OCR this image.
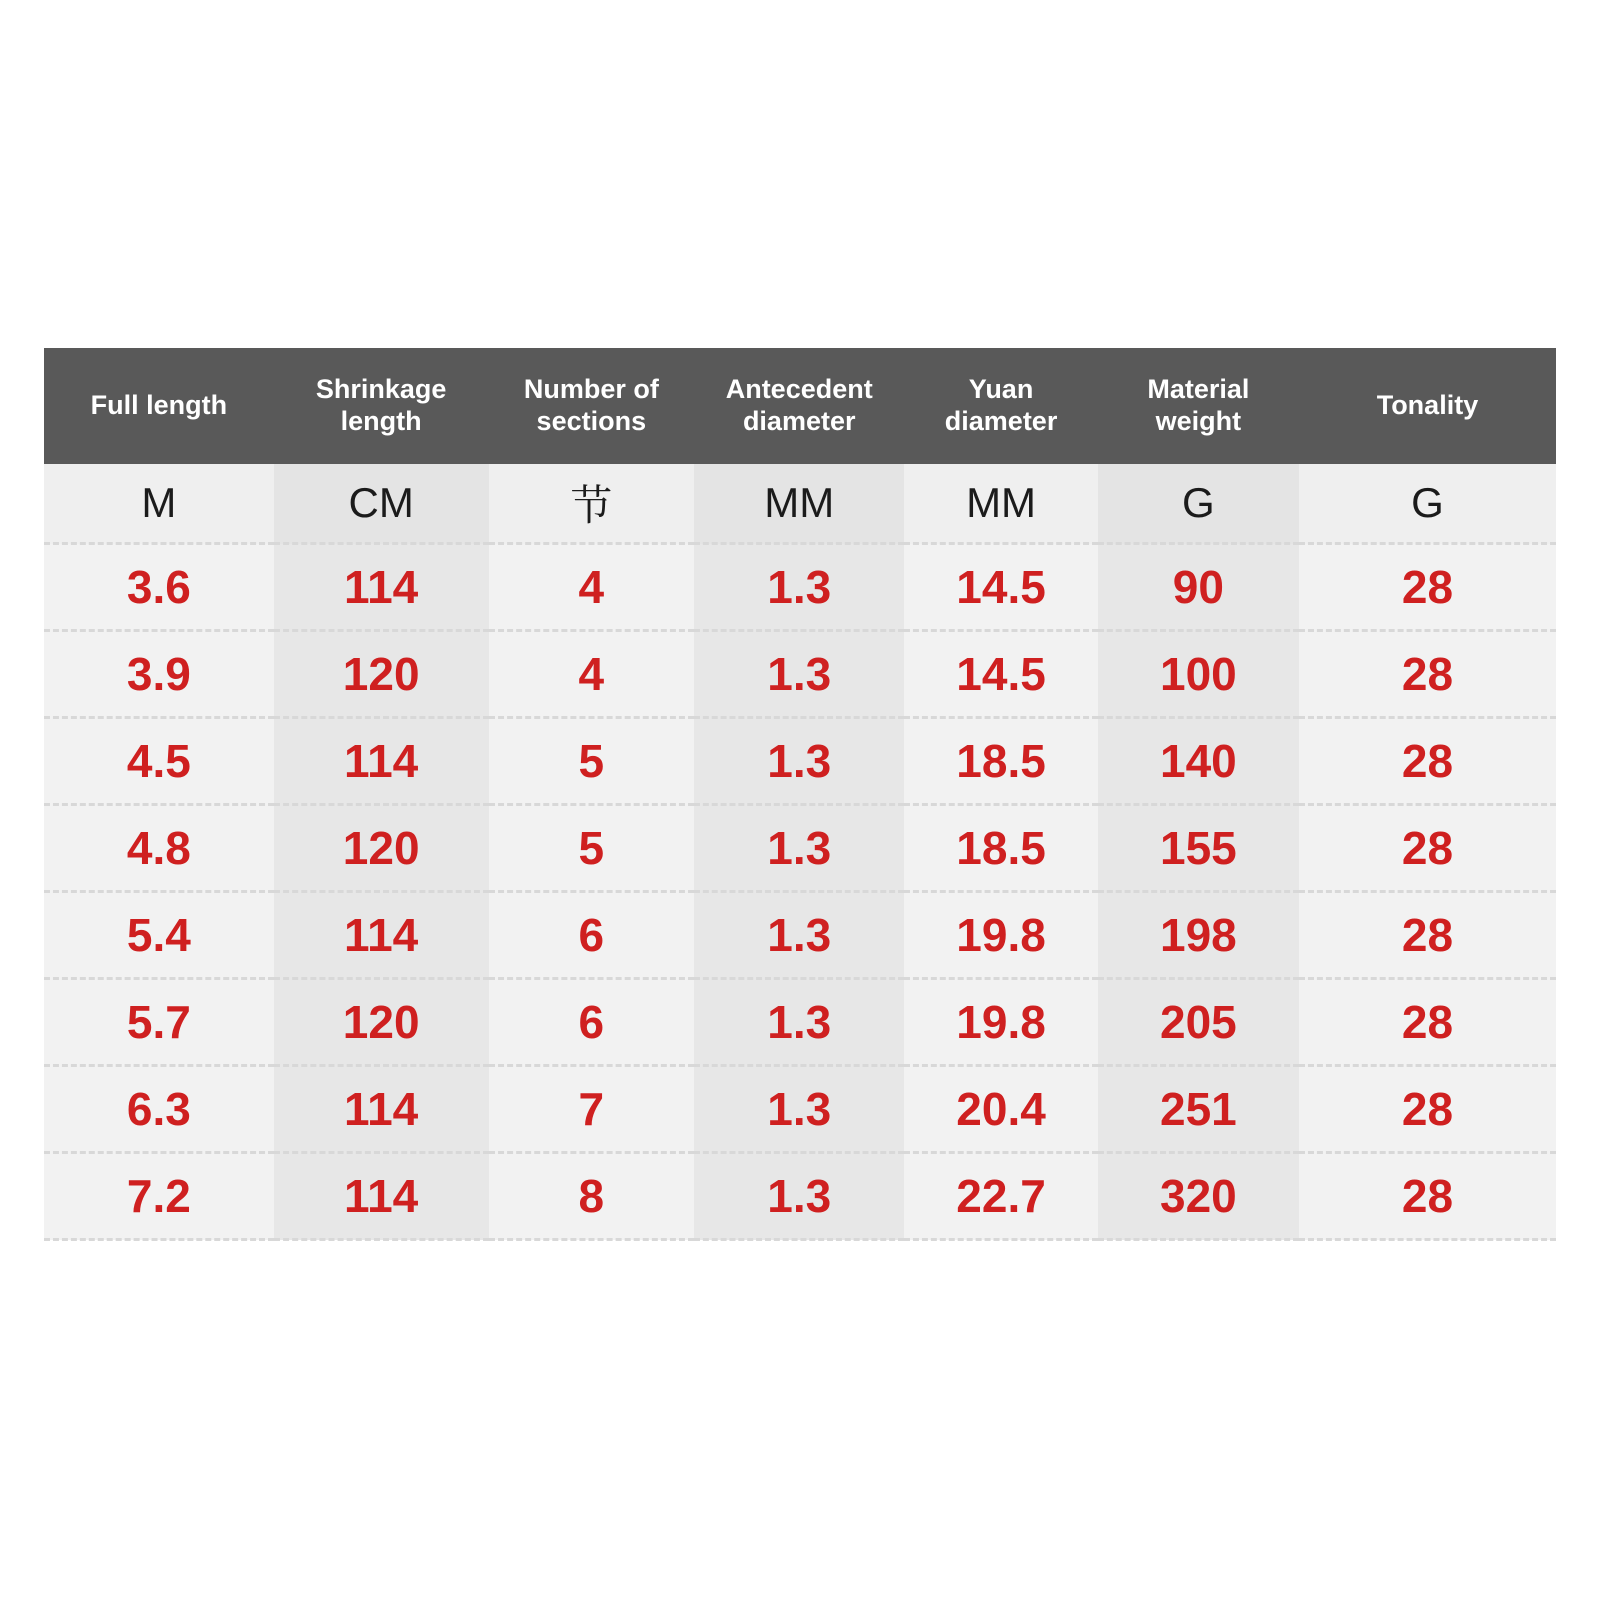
Full length	Shrinkage length	Number of sections	Antecedent diameter	Yuan diameter	Material weight	Tonality
M	CM	节	MM	MM	G	G
3.6	114	4	1.3	14.5	90	28
3.9	120	4	1.3	14.5	100	28
4.5	114	5	1.3	18.5	140	28
4.8	120	5	1.3	18.5	155	28
5.4	114	6	1.3	19.8	198	28
5.7	120	6	1.3	19.8	205	28
6.3	114	7	1.3	20.4	251	28
7.2	114	8	1.3	22.7	320	28
